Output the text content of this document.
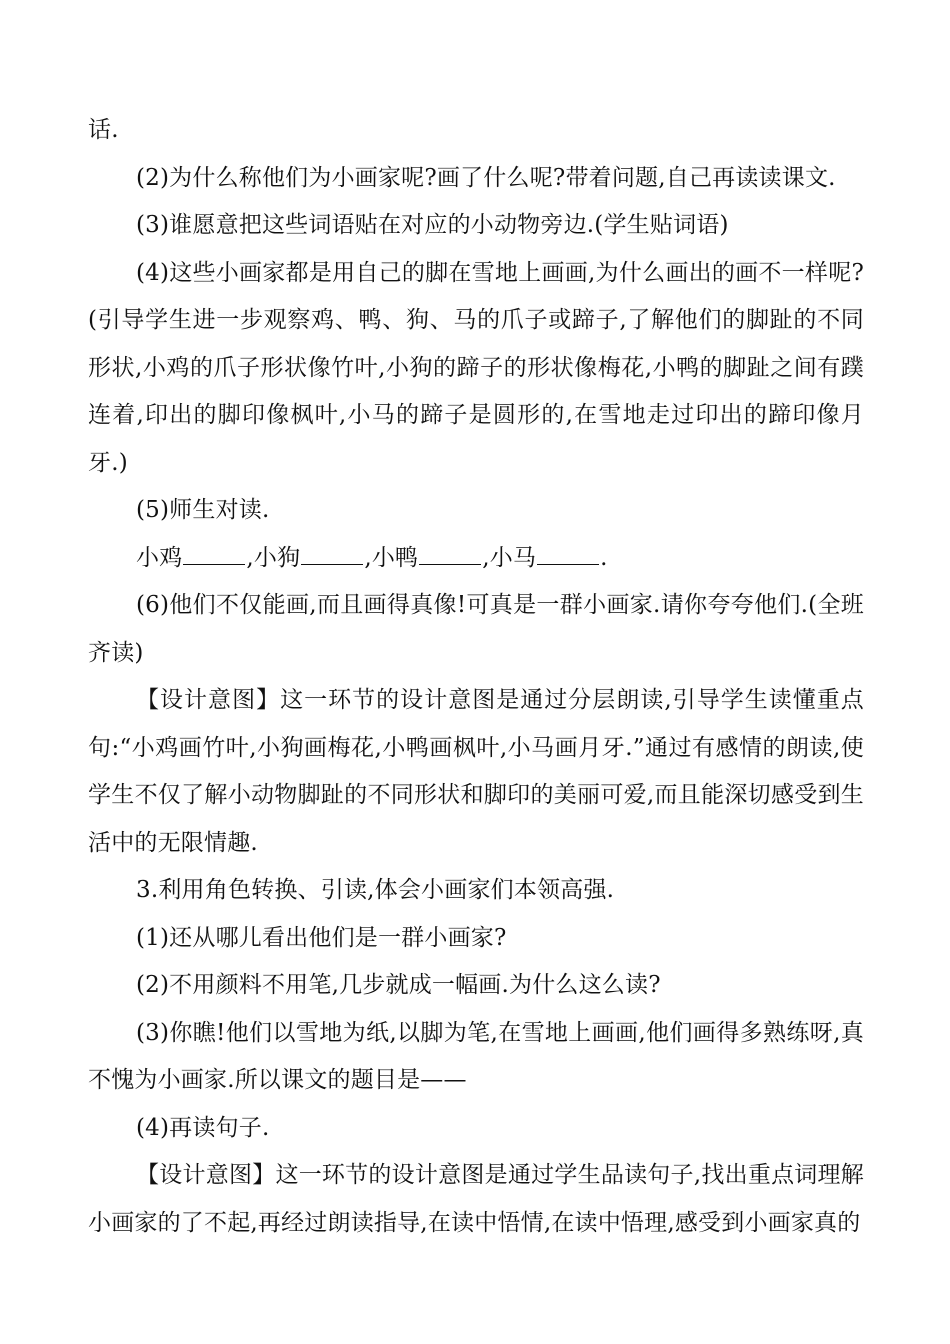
话.

(2)为什么称他们为小画家呢?画了什么呢?带着问题,自己再读读课文.

(3)谁愿意把这些词语贴在对应的小动物旁边.(学生贴词语)

(4)这些小画家都是用自己的脚在雪地上画画,为什么画出的画不一样呢?(引导学生进一步观察鸡、鸭、狗、马的爪子或蹄子,了解他们的脚趾的不同形状,小鸡的爪子形状像竹叶,小狗的蹄子的形状像梅花,小鸭的脚趾之间有蹼连着,印出的脚印像枫叶,小马的蹄子是圆形的,在雪地走过印出的蹄印像月牙.)

(5)师生对读.

小鸡	,小狗	,小鸭	,小马	.

(6)他们不仅能画,而且画得真像!可真是一群小画家.请你夸夸他们.(全班齐读)

【设计意图】这一环节的设计意图是通过分层朗读,引导学生读懂重点句:“小鸡画竹叶,小狗画梅花,小鸭画枫叶,小马画月牙.”通过有感情的朗读,使学生不仅了解小动物脚趾的不同形状和脚印的美丽可爱,而且能深切感受到生活中的无限情趣.

3.利用角色转换、引读,体会小画家们本领高强.

(1)还从哪儿看出他们是一群小画家?

(2)不用颜料不用笔,几步就成一幅画.为什么这么读?

(3)你瞧!他们以雪地为纸,以脚为笔,在雪地上画画,他们画得多熟练呀,真不愧为小画家.所以课文的题目是——

(4)再读句子.

【设计意图】这一环节的设计意图是通过学生品读句子,找出重点词理解小画家的了不起,再经过朗读指导,在读中悟情,在读中悟理,感受到小画家真的
